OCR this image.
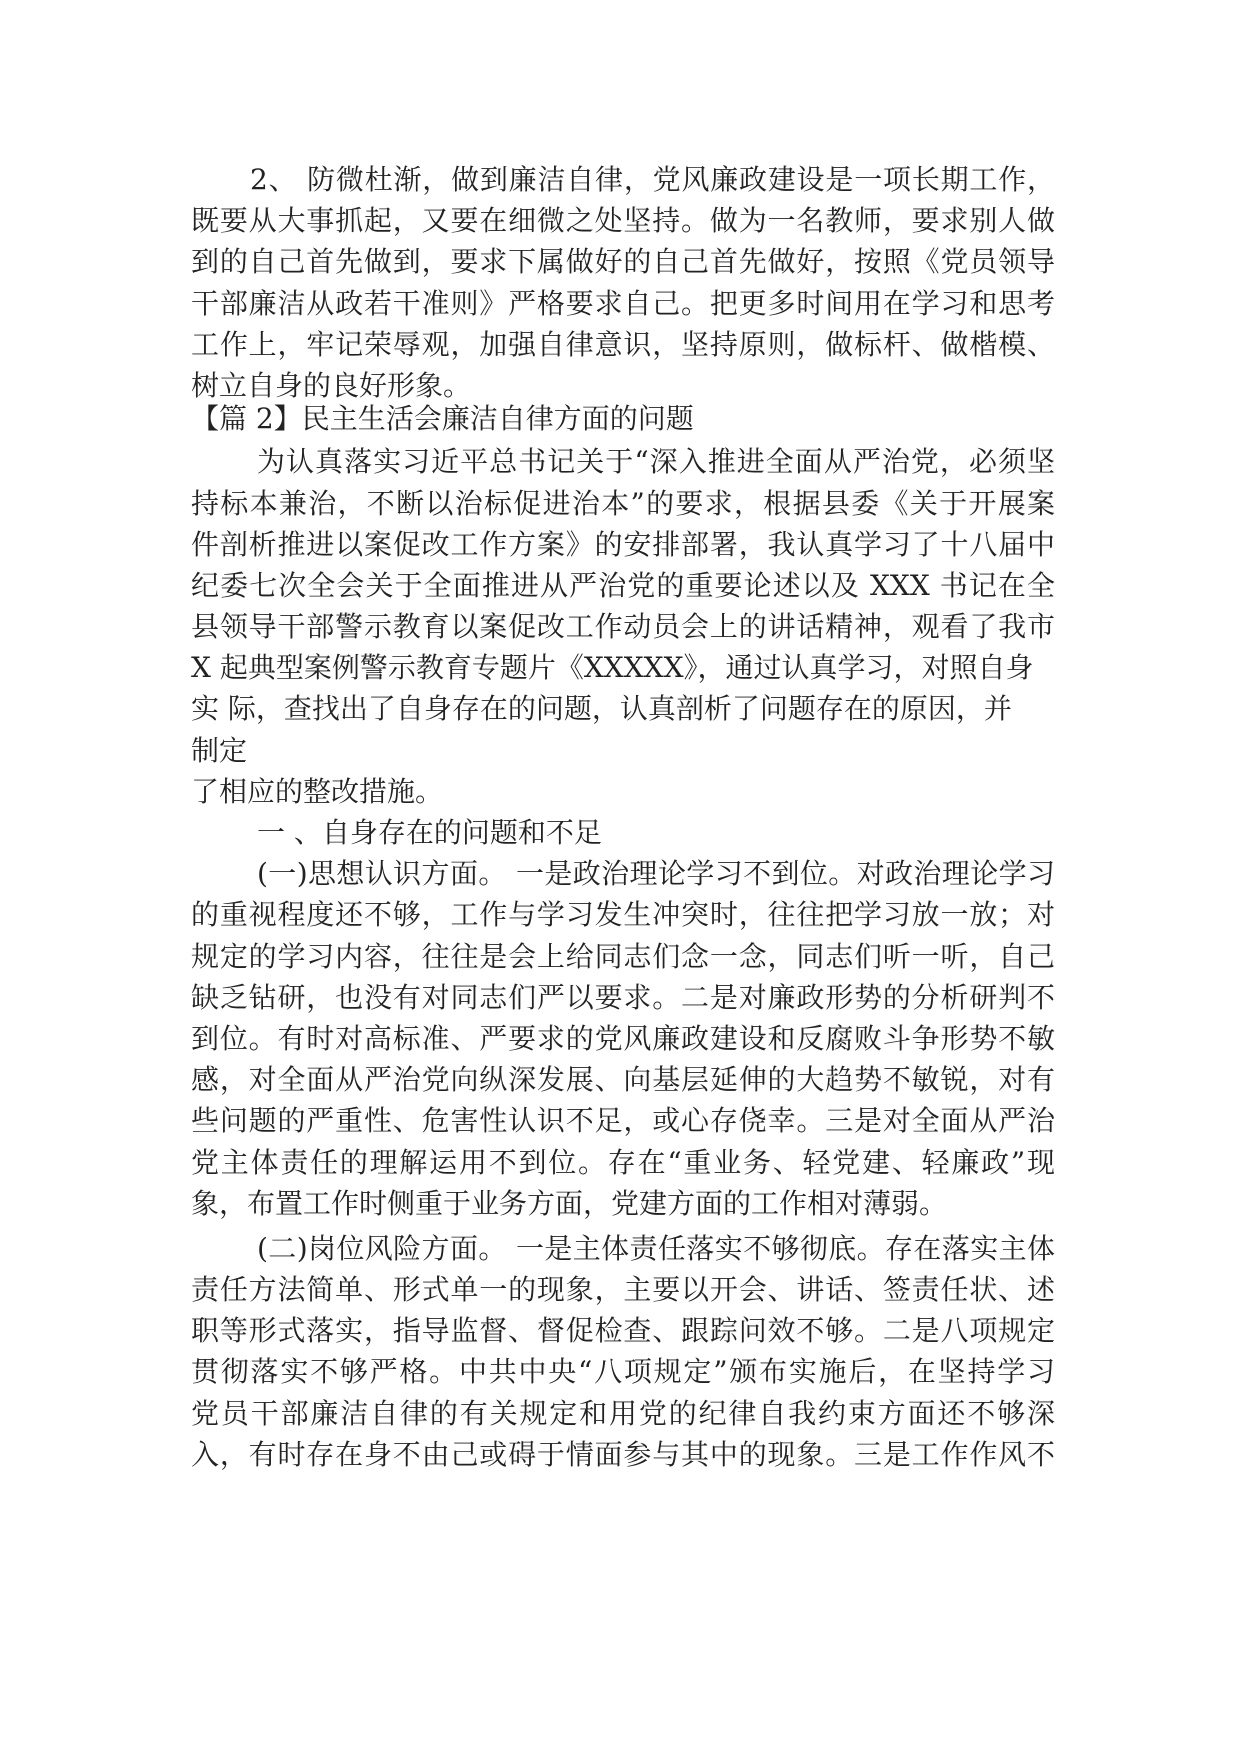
2、 防微杜渐，做到廉洁自律，党风廉政建设是一项长期工作，
既要从大事抓起，又要在细微之处坚持。做为一名教师，要求别人做
到的自己首先做到，要求下属做好的自己首先做好，按照《党员领导
干部廉洁从政若干准则》严格要求自己。把更多时间用在学习和思考
工作上，牢记荣辱观，加强自律意识，坚持原则，做标杆、做楷模、
树立自身的良好形象。
【篇 2】民主生活会廉洁自律方面的问题
为认真落实习近平总书记关于“深入推进全面从严治党，必须坚
持标本兼治，不断以治标促进治本”的要求，根据县委《关于开展案
件剖析推进以案促改工作方案》的安排部署，我认真学习了十八届中
纪委七次全会关于全面推进从严治党的重要论述以及 XXX 书记在全
县领导干部警示教育以案促改工作动员会上的讲话精神，观看了我市
X 起典型案例警示教育专题片《XXXXX》，通过认真学习，对照自身
实 际，查找出了自身存在的问题，认真剖析了问题存在的原因，并
制定
了相应的整改措施。
一 、自身存在的问题和不足
(一)思想认识方面。 一是政治理论学习不到位。对政治理论学习
的重视程度还不够，工作与学习发生冲突时，往往把学习放一放；对
规定的学习内容，往往是会上给同志们念一念，同志们听一听，自己
缺乏钻研，也没有对同志们严以要求。二是对廉政形势的分析研判不
到位。有时对高标准、严要求的党风廉政建设和反腐败斗争形势不敏
感，对全面从严治党向纵深发展、向基层延伸的大趋势不敏锐，对有
些问题的严重性、危害性认识不足，或心存侥幸。三是对全面从严治
党主体责任的理解运用不到位。存在“重业务、轻党建、轻廉政”现
象，布置工作时侧重于业务方面，党建方面的工作相对薄弱。
(二)岗位风险方面。 一是主体责任落实不够彻底。存在落实主体
责任方法简单、形式单一的现象，主要以开会、讲话、签责任状、述
职等形式落实，指导监督、督促检查、跟踪问效不够。二是八项规定
贯彻落实不够严格。中共中央“八项规定”颁布实施后，在坚持学习
党员干部廉洁自律的有关规定和用党的纪律自我约束方面还不够深
入，有时存在身不由己或碍于情面参与其中的现象。三是工作作风不
